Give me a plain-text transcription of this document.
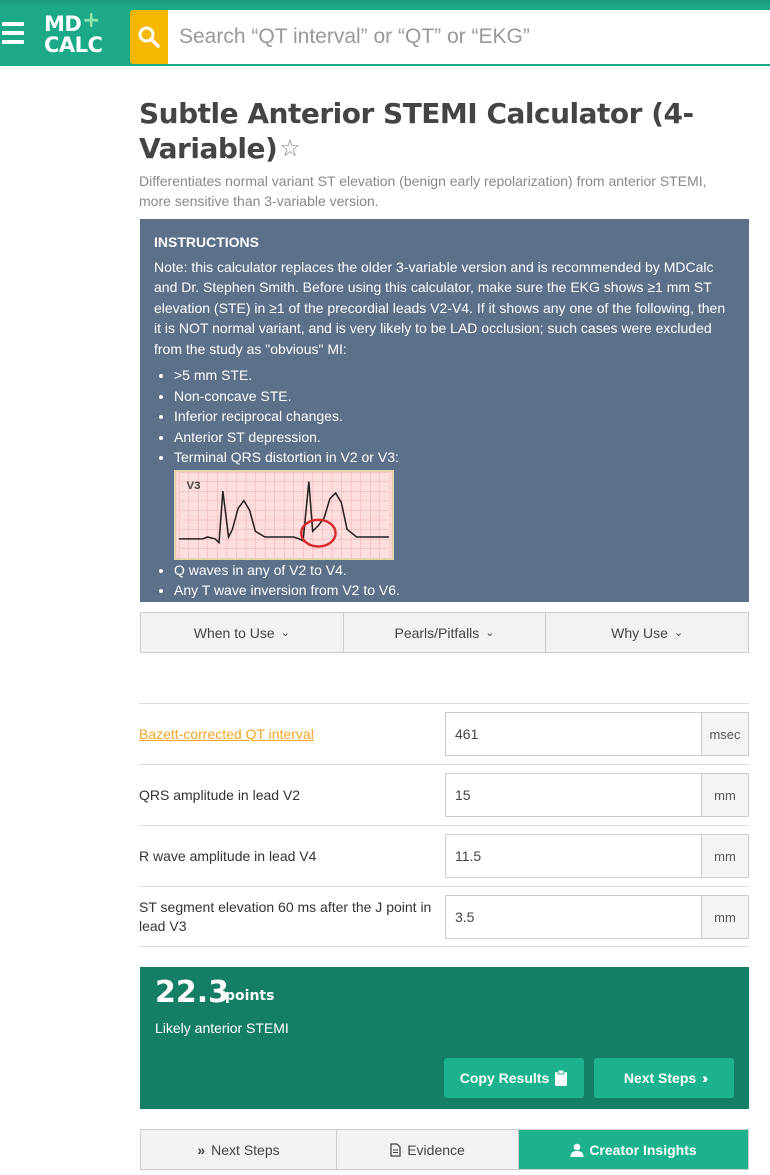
MD +
CALC	Search “QT interval” or “QT” or “EKG”
Subtle Anterior STEMI Calculator (4-Variable)☆
Differentiates normal variant ST elevation (benign early repolarization) from anterior STEMI, more sensitive than 3-variable version.
INSTRUCTIONS
Note: this calculator replaces the older 3-variable version and is recommended by MDCalc and Dr. Stephen Smith. Before using this calculator, make sure the EKG shows ≥1 mm ST elevation (STE) in ≥1 of the precordial leads V2-V4. If it shows any one of the following, then it is NOT normal variant, and is very likely to be LAD occlusion; such cases were excluded from the study as "obvious" MI:
• >5 mm STE.
• Non-concave STE.
• Inferior reciprocal changes.
• Anterior ST depression.
• Terminal QRS distortion in V2 or V3:
V3
• Q waves in any of V2 to V4.
• Any T wave inversion from V2 to V6.
When to Use ⌄	Pearls/Pitfalls ⌄	Why Use ⌄
Bazett-corrected QT interval	461	msec
QRS amplitude in lead V2	15	mm
R wave amplitude in lead V4	11.5	mm
ST segment elevation 60 ms after the J point in lead V3
3.5	mm
22.3
points
Likely anterior STEMI
Copy Results	Next Steps ›››
» Next Steps	Evidence	Creator Insights
